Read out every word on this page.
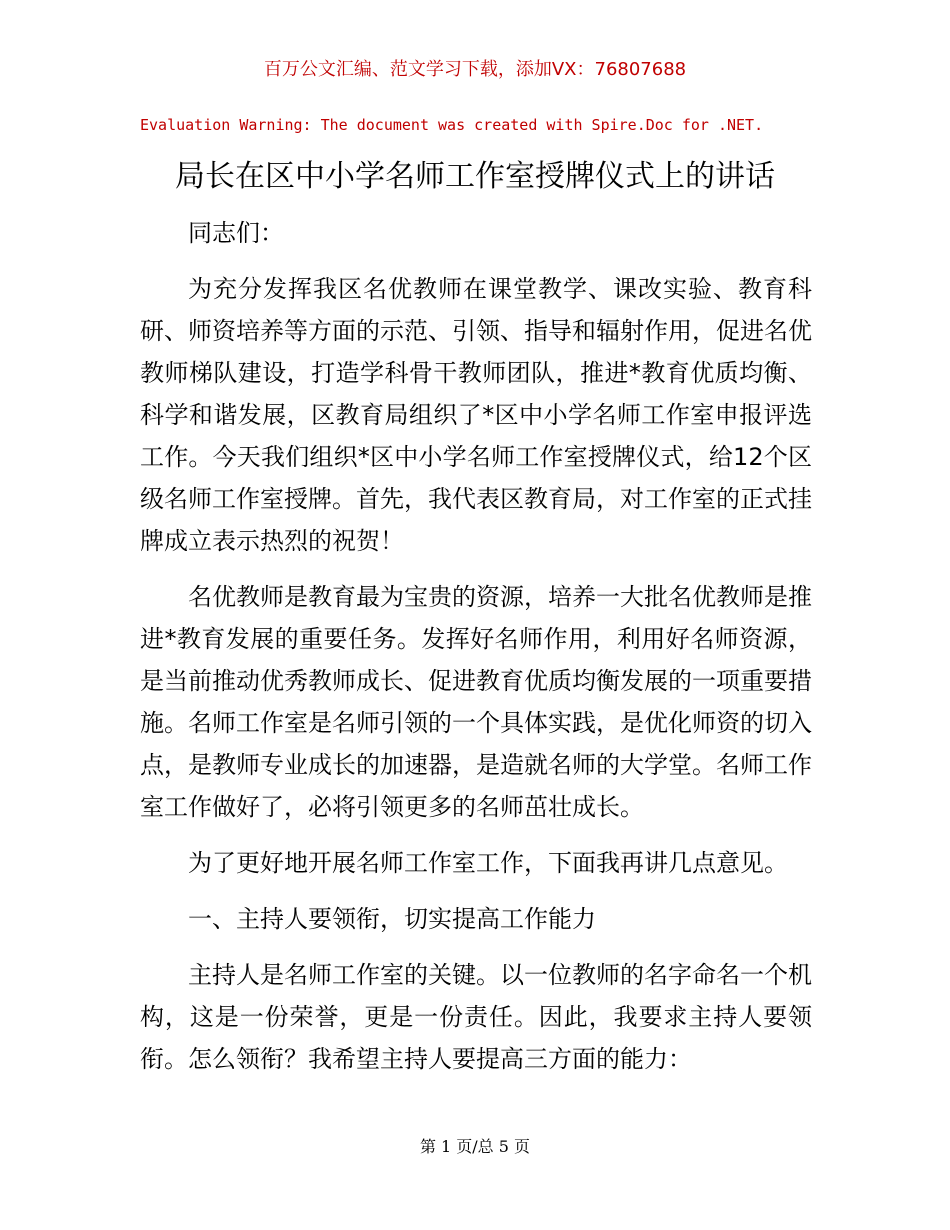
百万公文汇编、范文学习下载，添加VX：76807688
Evaluation Warning: The document was created with Spire.Doc for .NET.
局长在区中小学名师工作室授牌仪式上的讲话

同志们：

为充分发挥我区名优教师在课堂教学、课改实验、教育科研、师资培养等方面的示范、引领、指导和辐射作用，促进名优教师梯队建设，打造学科骨干教师团队，推进*教育优质均衡、科学和谐发展，区教育局组织了*区中小学名师工作室申报评选工作。今天我们组织*区中小学名师工作室授牌仪式，给12个区级名师工作室授牌。首先，我代表区教育局，对工作室的正式挂牌成立表示热烈的祝贺！

名优教师是教育最为宝贵的资源，培养一大批名优教师是推进*教育发展的重要任务。发挥好名师作用，利用好名师资源，是当前推动优秀教师成长、促进教育优质均衡发展的一项重要措施。名师工作室是名师引领的一个具体实践，是优化师资的切入点，是教师专业成长的加速器，是造就名师的大学堂。名师工作室工作做好了，必将引领更多的名师茁壮成长。

为了更好地开展名师工作室工作，下面我再讲几点意见。

一、主持人要领衔，切实提高工作能力

主持人是名师工作室的关键。以一位教师的名字命名一个机构，这是一份荣誉，更是一份责任。因此，我要求主持人要领衔。怎么领衔？我希望主持人要提高三方面的能力：

第 1 页/总 5 页
